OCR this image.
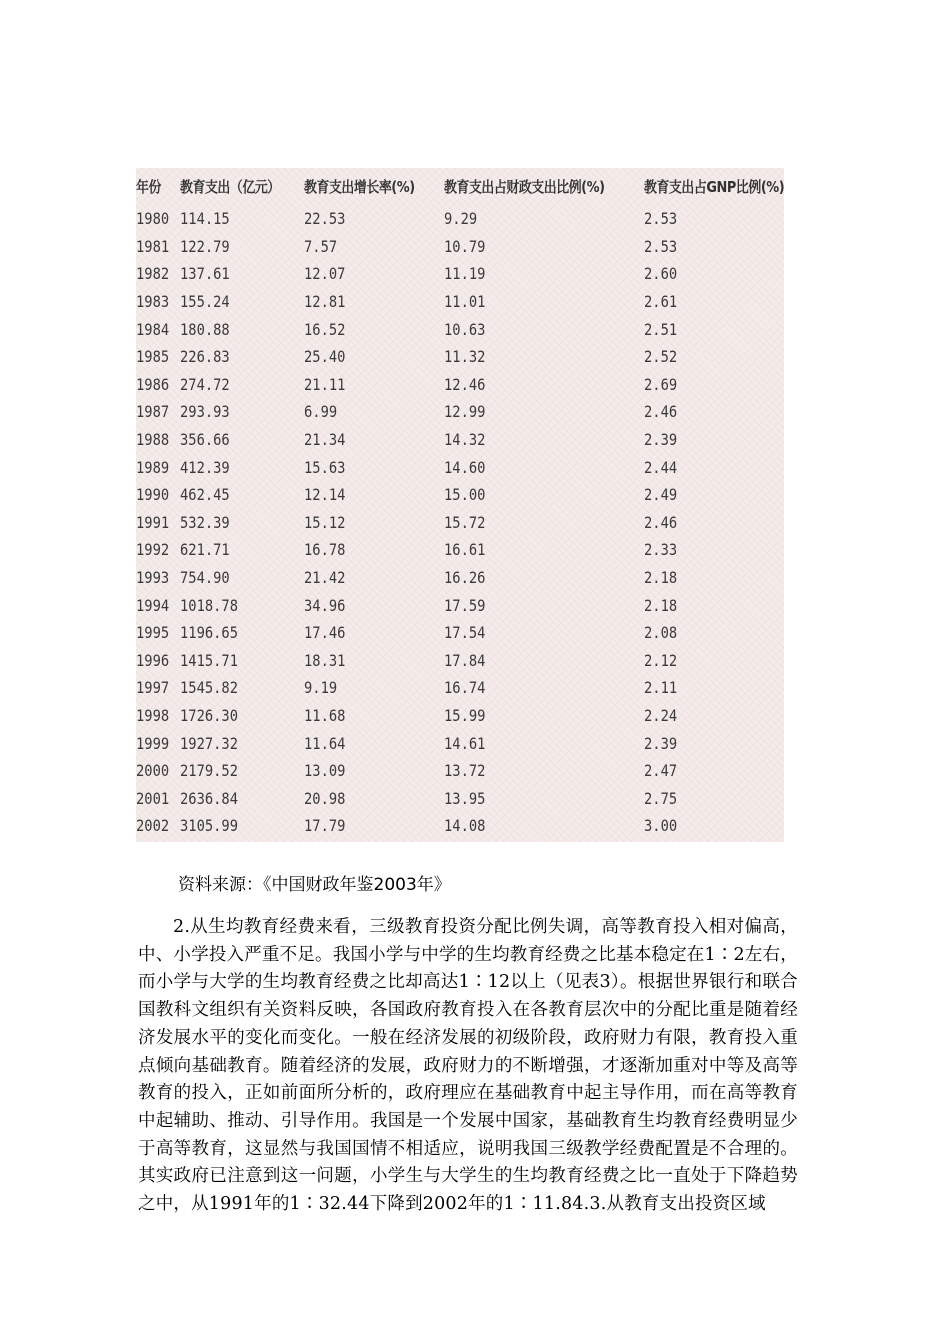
年份	教育支出（亿元）	教育支出增长率(%)	教育支出占财政支出比例(%)	教育支出占GNP比例(%)
1980	114.15	22.53	9.29	2.53
1981	122.79	7.57	10.79	2.53
1982	137.61	12.07	11.19	2.60
1983	155.24	12.81	11.01	2.61
1984	180.88	16.52	10.63	2.51
1985	226.83	25.40	11.32	2.52
1986	274.72	21.11	12.46	2.69
1987	293.93	6.99	12.99	2.46
1988	356.66	21.34	14.32	2.39
1989	412.39	15.63	14.60	2.44
1990	462.45	12.14	15.00	2.49
1991	532.39	15.12	15.72	2.46
1992	621.71	16.78	16.61	2.33
1993	754.90	21.42	16.26	2.18
1994	1018.78	34.96	17.59	2.18
1995	1196.65	17.46	17.54	2.08
1996	1415.71	18.31	17.84	2.12
1997	1545.82	9.19	16.74	2.11
1998	1726.30	11.68	15.99	2.24
1999	1927.32	11.64	14.61	2.39
2000	2179.52	13.09	13.72	2.47
2001	2636.84	20.98	13.95	2.75
2002	3105.99	17.79	14.08	3.00
资料来源：《中国财政年鉴2003年》

2.从生均教育经费来看，三级教育投资分配比例失调，高等教育投入相对偏高，中、小学投入严重不足。我国小学与中学的生均教育经费之比基本稳定在1∶2左右，而小学与大学的生均教育经费之比却高达1∶12以上（见表3）。根据世界银行和联合国教科文组织有关资料反映，各国政府教育投入在各教育层次中的分配比重是随着经济发展水平的变化而变化。一般在经济发展的初级阶段，政府财力有限，教育投入重点倾向基础教育。随着经济的发展，政府财力的不断增强，才逐渐加重对中等及高等教育的投入，正如前面所分析的，政府理应在基础教育中起主导作用，而在高等教育中起辅助、推动、引导作用。我国是一个发展中国家，基础教育生均教育经费明显少于高等教育，这显然与我国国情不相适应，说明我国三级教学经费配置是不合理的。其实政府已注意到这一问题，小学生与大学生的生均教育经费之比一直处于下降趋势之中，从1991年的1∶32.44下降到2002年的1∶11.84.3.从教育支出投资区域
